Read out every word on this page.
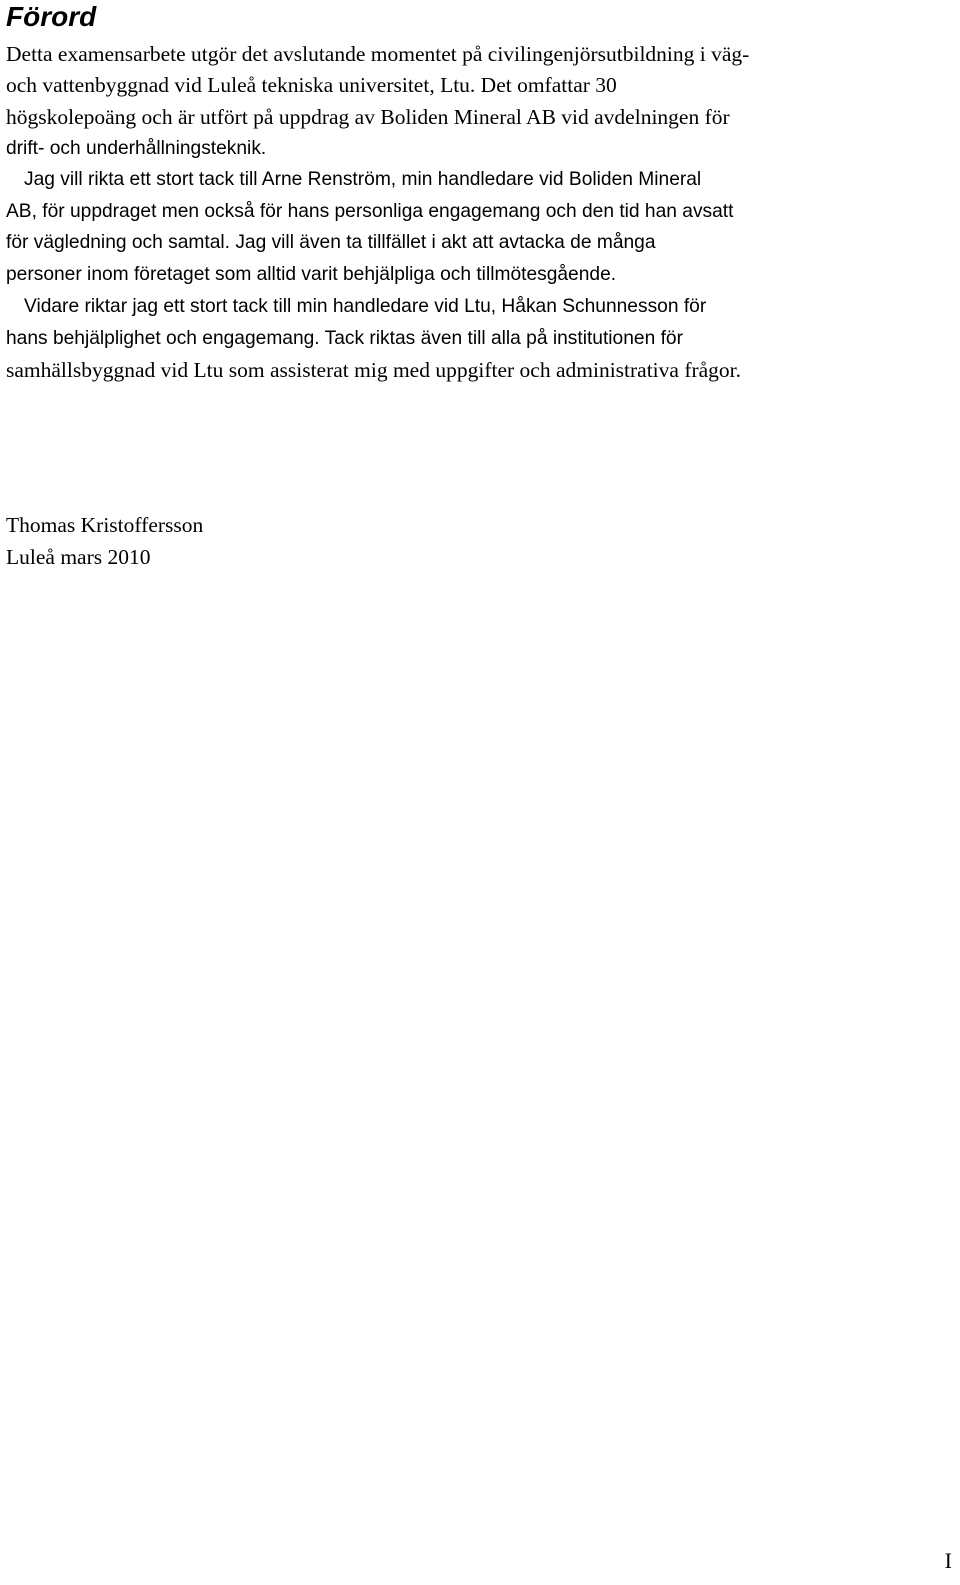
Förord

Detta examensarbete utgör det avslutande momentet på civilingenjörsutbildning i väg-

och vattenbyggnad vid Luleå tekniska universitet, Ltu. Det omfattar 30

högskolepoäng och är utfört på uppdrag av Boliden Mineral AB vid avdelningen för

drift- och underhållningsteknik.

Jag vill rikta ett stort tack till Arne Renström, min handledare vid Boliden Mineral

AB, för uppdraget men också för hans personliga engagemang och den tid han avsatt

för vägledning och samtal. Jag vill även ta tillfället i akt att avtacka de många

personer inom företaget som alltid varit behjälpliga och tillmötesgående.

Vidare riktar jag ett stort tack till min handledare vid Ltu, Håkan Schunnesson för

hans behjälplighet och engagemang. Tack riktas även till alla på institutionen för

samhällsbyggnad vid Ltu som assisterat mig med uppgifter och administrativa frågor.

Thomas Kristoffersson

Luleå mars 2010

I
